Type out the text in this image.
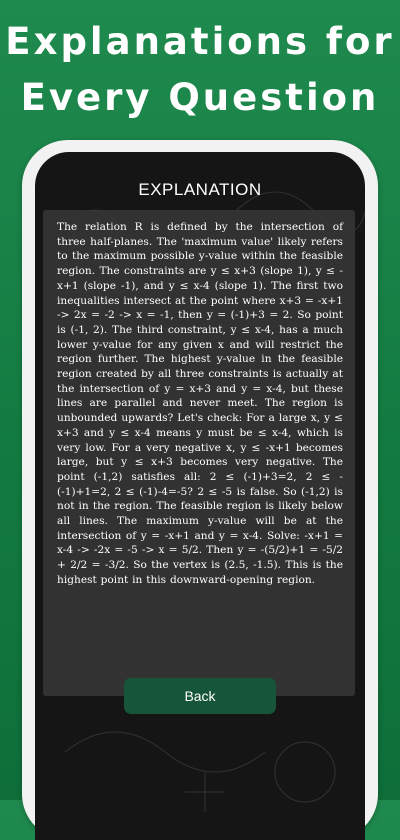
Explanations for
Every Question
EXPLANATION
The relation R is defined by the intersection of three half-planes. The 'maximum value' likely refers to the maximum possible y-value within the feasible region. The constraints are y ≤ x+3 (slope 1), y ≤ -x+1 (slope -1), and y ≤ x-4 (slope 1). The first two inequalities intersect at the point where x+3 = -x+1 -> 2x = -2 -> x = -1, then y = (-1)+3 = 2. So point is (-1, 2). The third constraint, y ≤ x-4, has a much lower y-value for any given x and will restrict the region further. The highest y-value in the feasible region created by all three constraints is actually at the intersection of y = x+3 and y = x-4, but these lines are parallel and never meet. The region is unbounded upwards? Let's check: For a large x, y ≤ x+3 and y ≤ x-4 means y must be ≤ x-4, which is very low. For a very negative x, y ≤ -x+1 becomes large, but y ≤ x+3 becomes very negative. The point (-1,2) satisfies all: 2 ≤ (-1)+3=2, 2 ≤ -(-1)+1=2, 2 ≤ (-1)-4=-5? 2 ≤ -5 is false. So (-1,2) is not in the region. The feasible region is likely below all lines. The maximum y-value will be at the intersection of y = -x+1 and y = x-4. Solve: -x+1 = x-4 -> -2x = -5 -> x = 5/2. Then y = -(5/2)+1 = -5/2 + 2/2 = -3/2. So the vertex is (2.5, -1.5). This is the highest point in this downward-opening region.
Back
